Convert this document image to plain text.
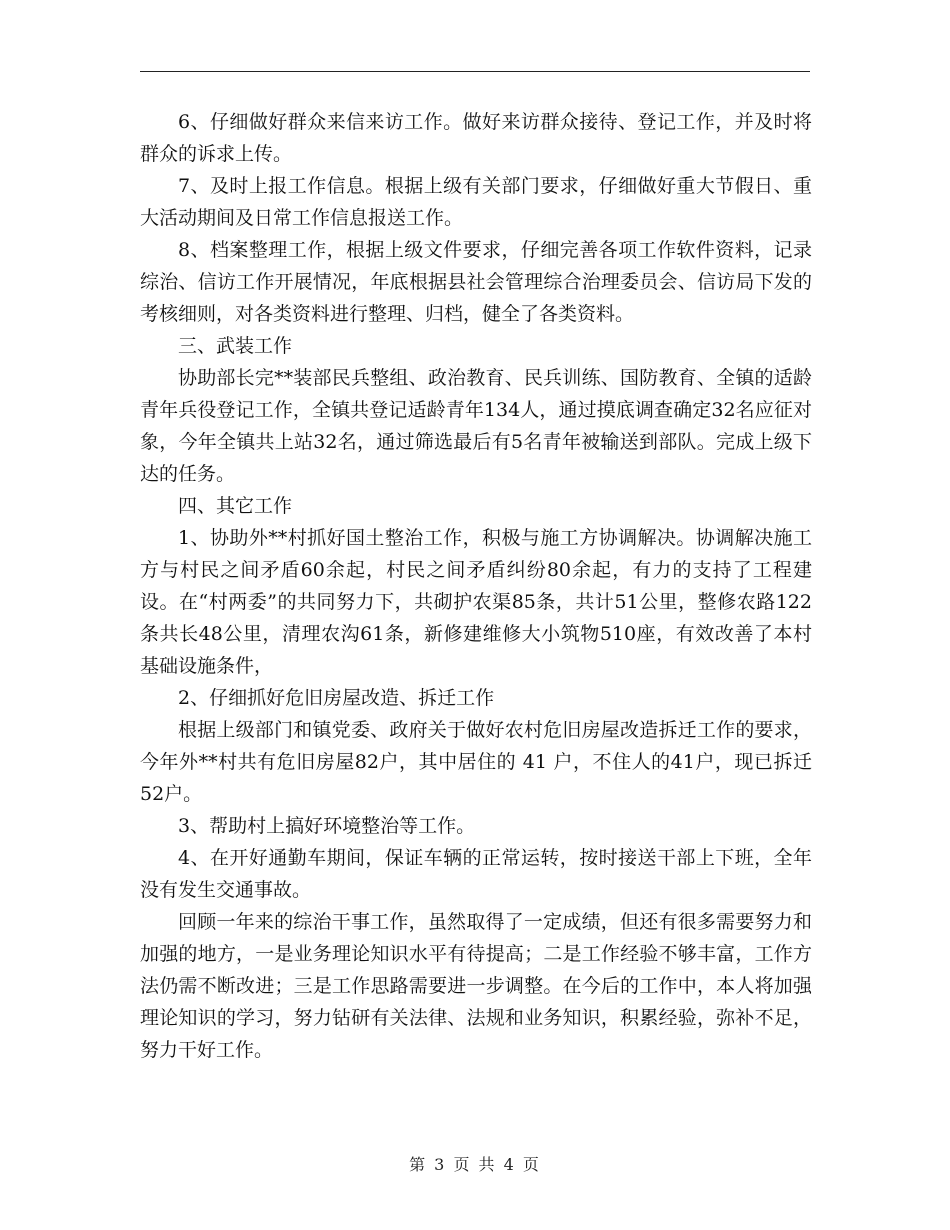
6、仔细做好群众来信来访工作。做好来访群众接待、登记工作，并及时将群众的诉求上传。

7、及时上报工作信息。根据上级有关部门要求，仔细做好重大节假日、重大活动期间及日常工作信息报送工作。

8、档案整理工作，根据上级文件要求，仔细完善各项工作软件资料，记录综治、信访工作开展情况，年底根据县社会管理综合治理委员会、信访局下发的考核细则，对各类资料进行整理、归档，健全了各类资料。

三、武装工作

协助部长完**装部民兵整组、政治教育、民兵训练、国防教育、全镇的适龄青年兵役登记工作，全镇共登记适龄青年134人，通过摸底调查确定32名应征对象，今年全镇共上站32名，通过筛选最后有5名青年被输送到部队。完成上级下达的任务。

四、其它工作

1、协助外**村抓好国土整治工作，积极与施工方协调解决。协调解决施工方与村民之间矛盾60余起，村民之间矛盾纠纷80余起，有力的支持了工程建设。在“村两委”的共同努力下，共砌护农渠85条，共计51公里，整修农路122条共长48公里，清理农沟61条，新修建维修大小筑物510座，有效改善了本村基础设施条件，

2、仔细抓好危旧房屋改造、拆迁工作

根据上级部门和镇党委、政府关于做好农村危旧房屋改造拆迁工作的要求，今年外**村共有危旧房屋82户，其中居住的 41 户，不住人的41户，现已拆迁52户。

3、帮助村上搞好环境整治等工作。

4、在开好通勤车期间，保证车辆的正常运转，按时接送干部上下班，全年没有发生交通事故。

回顾一年来的综治干事工作，虽然取得了一定成绩，但还有很多需要努力和加强的地方，一是业务理论知识水平有待提高；二是工作经验不够丰富，工作方法仍需不断改进；三是工作思路需要进一步调整。在今后的工作中，本人将加强理论知识的学习，努力钻研有关法律、法规和业务知识，积累经验，弥补不足，努力干好工作。

第 3 页 共 4 页
